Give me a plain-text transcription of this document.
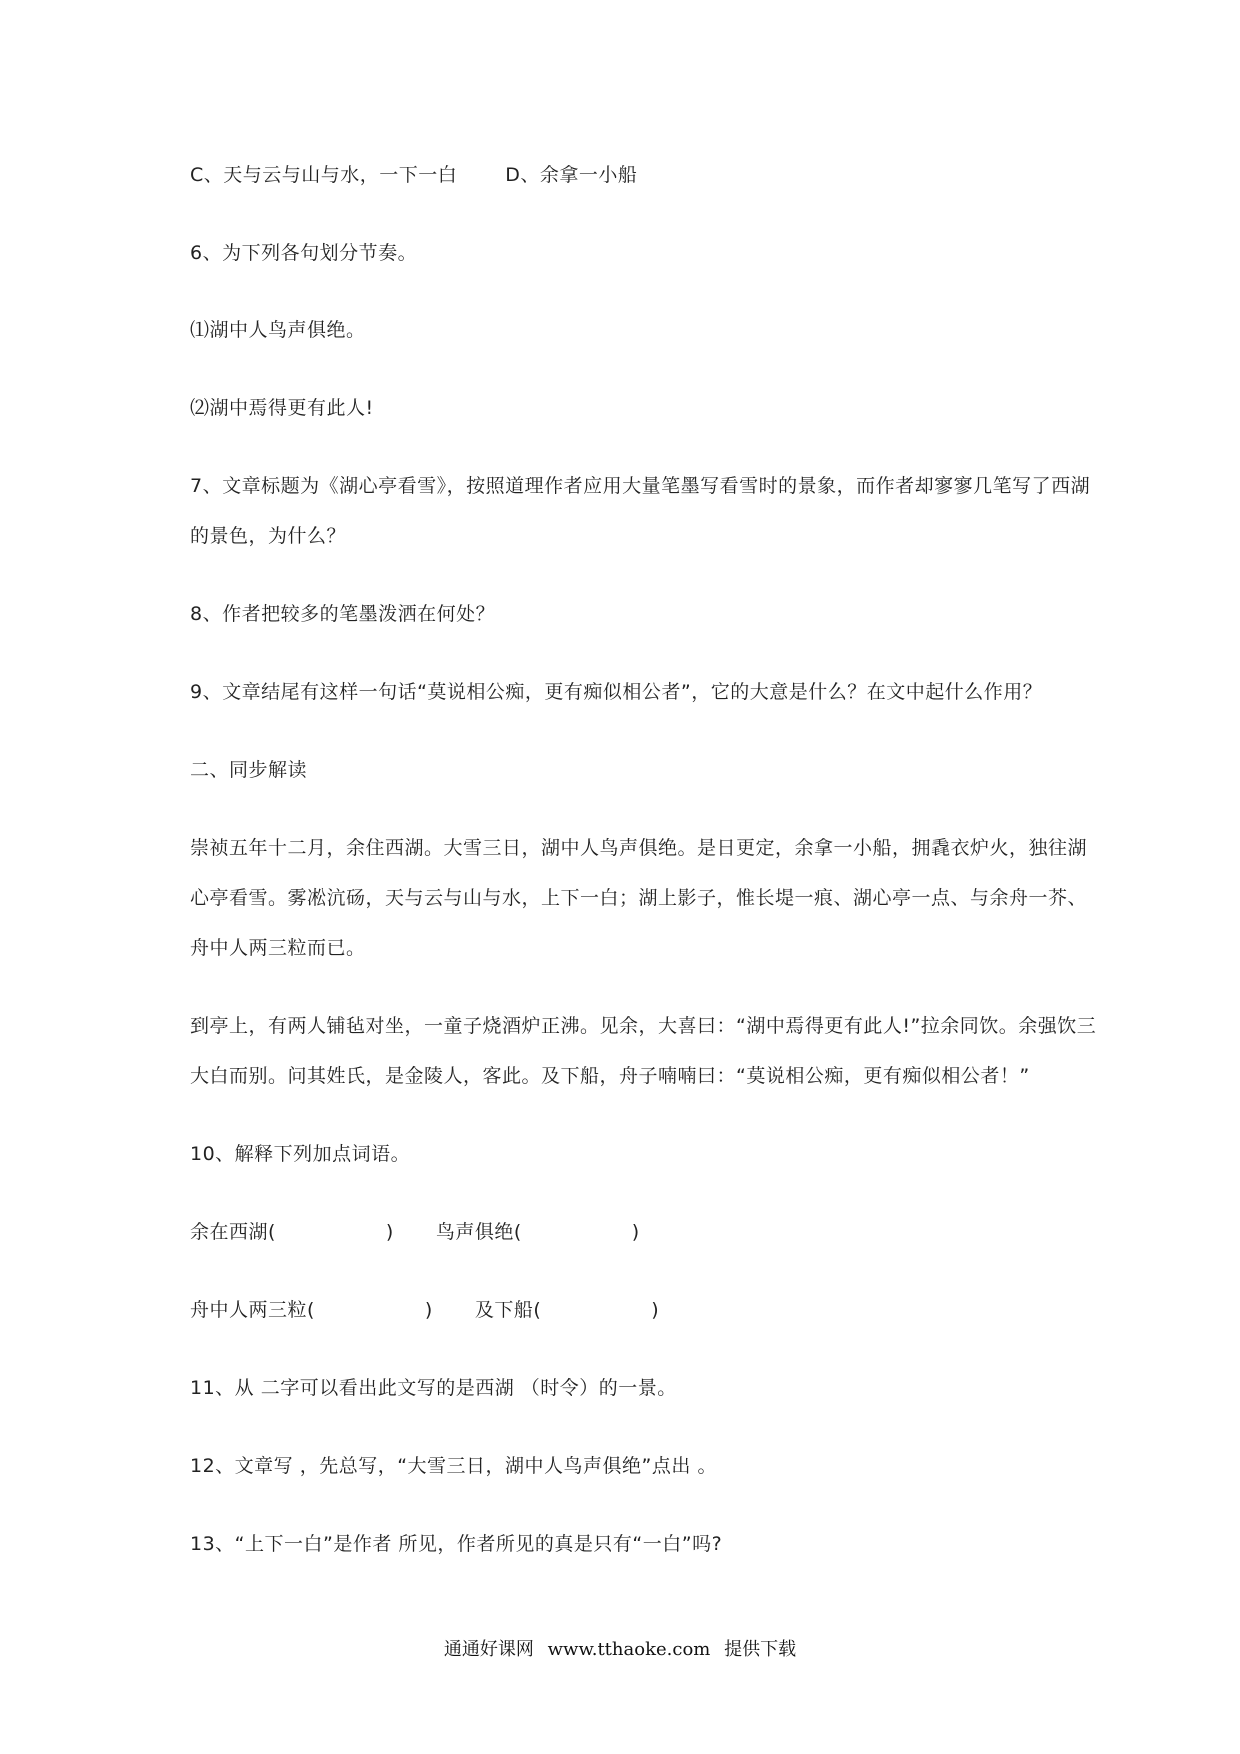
C、天与云与山与水，一下一白	D、余拿一小船
6、为下列各句划分节奏。
⑴湖中人鸟声俱绝。
⑵湖中焉得更有此人!
7、文章标题为《湖心亭看雪》，按照道理作者应用大量笔墨写看雪时的景象，而作者却寥寥几笔写了西湖
的景色，为什么？
8、作者把较多的笔墨泼洒在何处？
9、文章结尾有这样一句话“莫说相公痴，更有痴似相公者”，它的大意是什么？在文中起什么作用？
二、同步解读
崇祯五年十二月，余住西湖。大雪三日，湖中人鸟声俱绝。是日更定，余拿一小船，拥毳衣炉火，独往湖
心亭看雪。雾凇沆砀，天与云与山与水，上下一白；湖上影子，惟长堤一痕、湖心亭一点、与余舟一芥、
舟中人两三粒而已。
到亭上，有两人铺毡对坐，一童子烧酒炉正沸。见余，大喜曰：“湖中焉得更有此人!”拉余同饮。余强饮三
大白而别。问其姓氏，是金陵人，客此。及下船，舟子喃喃曰：“莫说相公痴，更有痴似相公者！”
10、解释下列加点词语。
余在西湖(	) 鸟声俱绝(	)
舟中人两三粒(	) 及下船(	)
11、从 二字可以看出此文写的是西湖 （时令）的一景。
12、文章写 ，先总写，“大雪三日，湖中人鸟声俱绝”点出 。
13、“上下一白”是作者 所见，作者所见的真是只有“一白”吗?
通通好课网 www.tthaoke.com 提供下载
